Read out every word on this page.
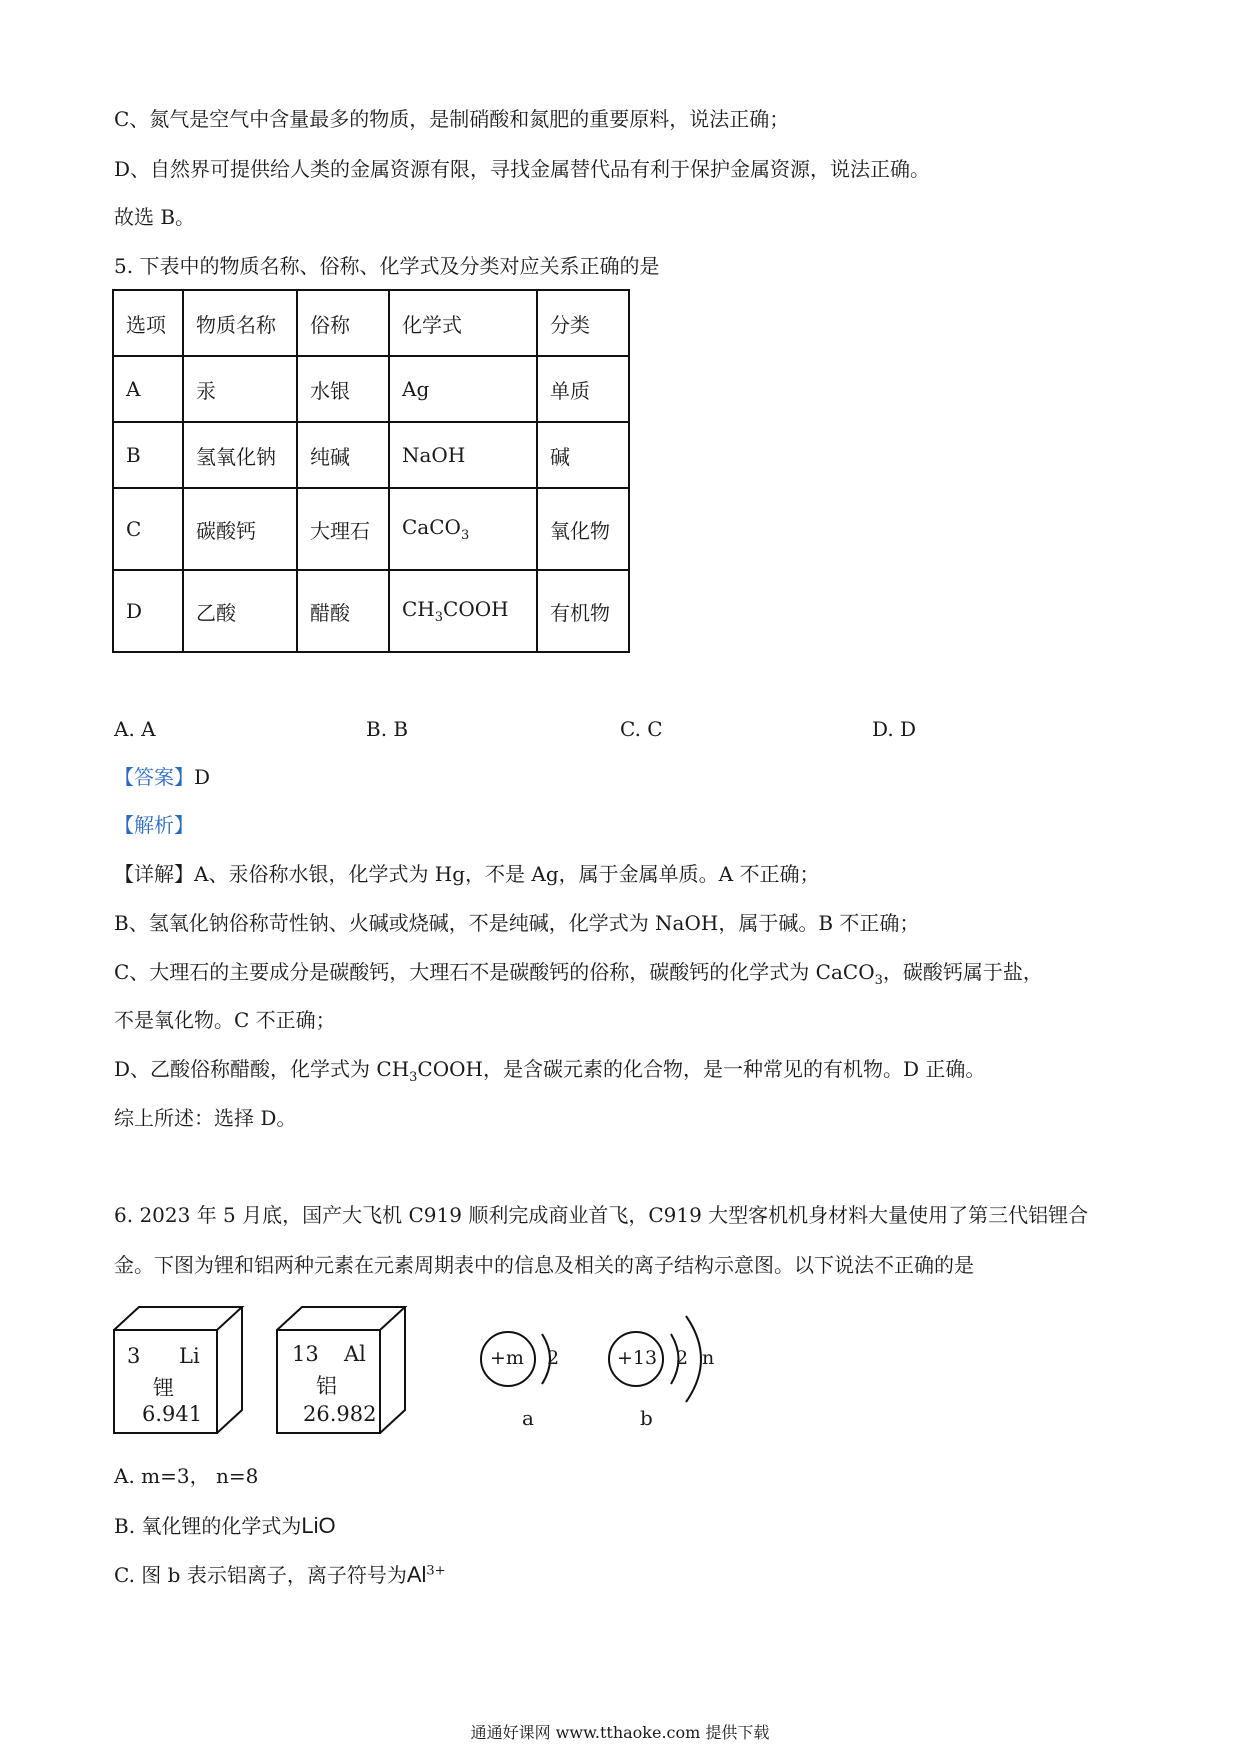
C、氮气是空气中含量最多的物质，是制硝酸和氮肥的重要原料，说法正确；
D、自然界可提供给人类的金属资源有限，寻找金属替代品有利于保护金属资源，说法正确。
故选 B。
5. 下表中的物质名称、俗称、化学式及分类对应关系正确的是
选项	物质名称	俗称	化学式	分类
A	汞	水银	Ag	单质
B	氢氧化钠	纯碱	NaOH	碱
C	碳酸钙	大理石	CaCO$_3$	氧化物
D	乙酸	醋酸	$CH_3COOH$	有机物
A. A	B. B	C. C	D. D
【答案】D
【解析】
【详解】A、汞俗称水银，化学式为 Hg，不是 Ag，属于金属单质。A 不正确；
B、氢氧化钠俗称苛性钠、火碱或烧碱，不是纯碱，化学式为 NaOH，属于碱。B 不正确；
C、大理石的主要成分是碳酸钙，大理石不是碳酸钙的俗称，碳酸钙的化学式为 CaCO$_3$，碳酸钙属于盐，
不是氧化物。C 不正确；
D、乙酸俗称醋酸，化学式为 $CH_3COOH$，是含碳元素的化合物，是一种常见的有机物。D 正确。
综上所述：选择 D。
6. 2023 年 5 月底，国产大飞机 C919 顺利完成商业首飞，C919 大型客机机身材料大量使用了第三代铝锂合
金。下图为锂和铝两种元素在元素周期表中的信息及相关的离子结构示意图。以下说法不正确的是
3 Li
锂
6.941
13 Al
铝
26.982
+m 2
a
+13 2 n
b
A. m=3， n=8
B. 氧化锂的化学式为LiO
C. 图 b 表示铝离子，离子符号为$Al^{3+}$
通通好课网 www.tthaoke.com 提供下载
